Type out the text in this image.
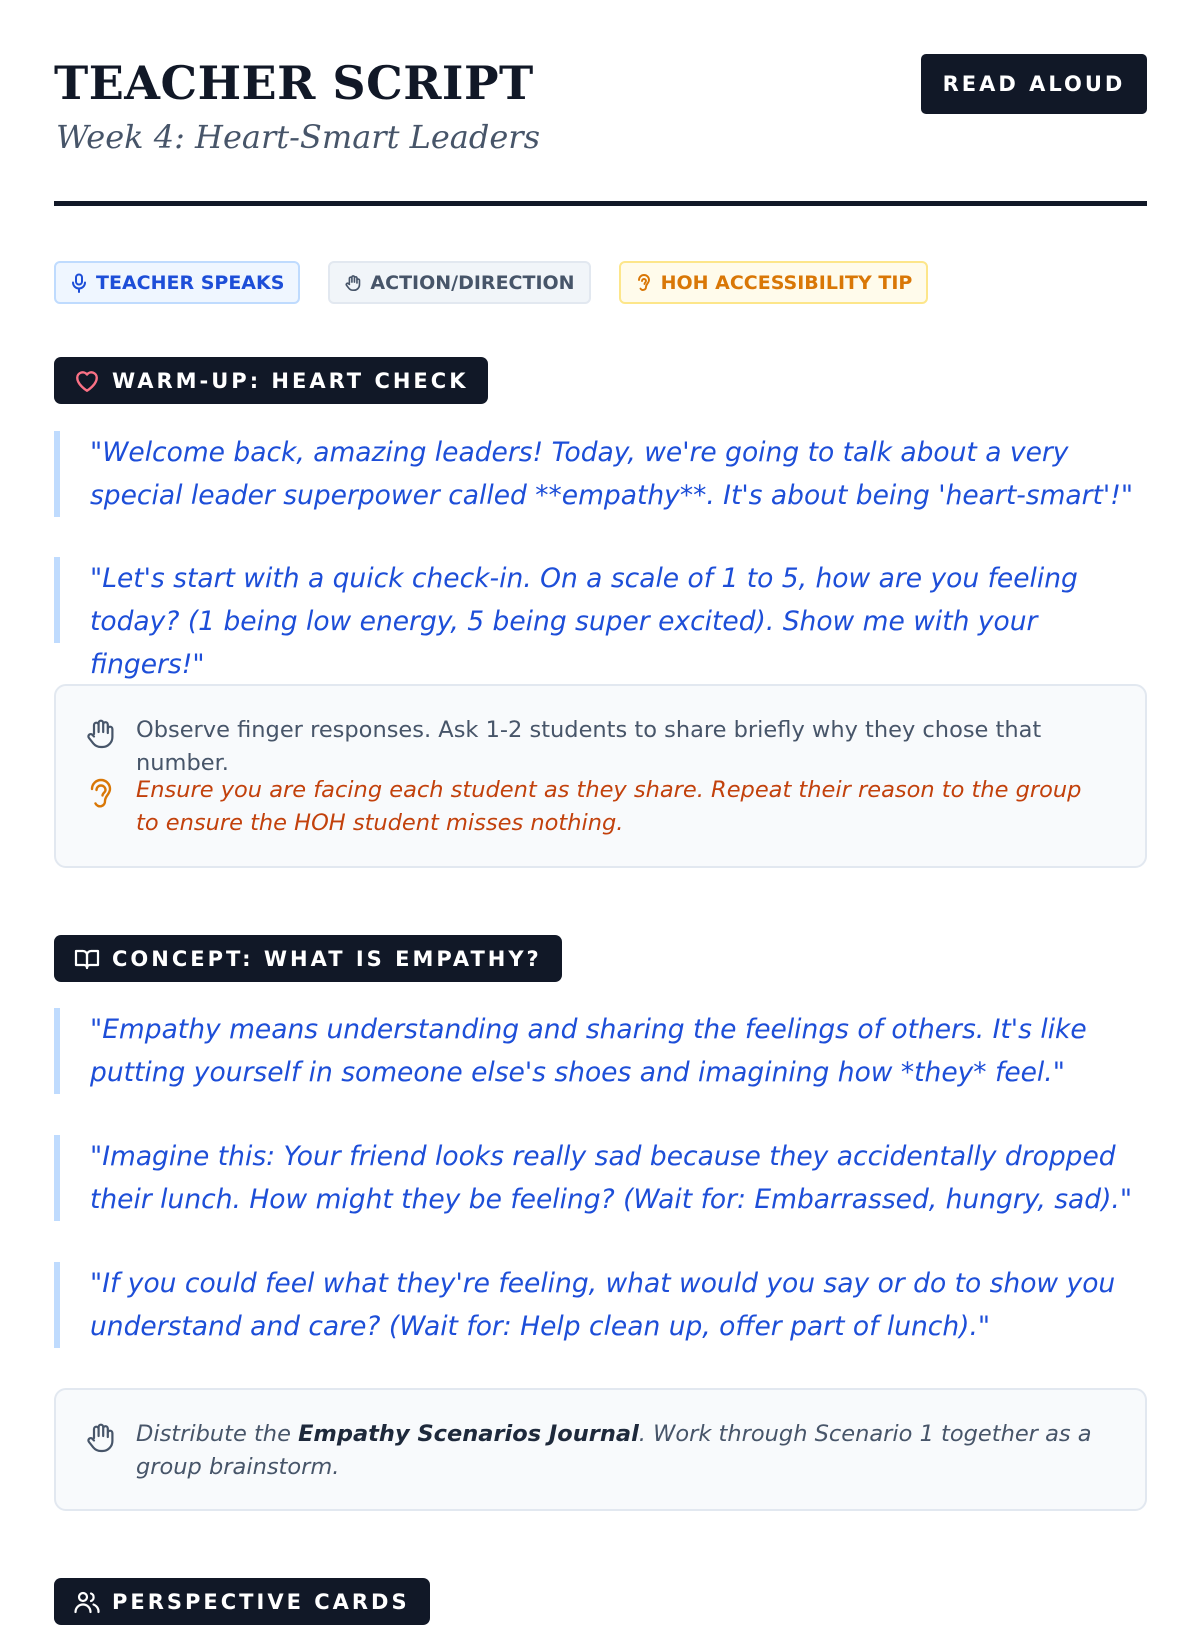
TEACHER SCRIPT
Week 4: Heart-Smart Leaders
READ ALOUD
TEACHER SPEAKS	ACTION/DIRECTION	HOH ACCESSIBILITY TIP
WARM-UP: HEART CHECK
"Welcome back, amazing leaders! Today, we're going to talk about a very special leader superpower called **empathy**. It's about being 'heart-smart'!"
"Let's start with a quick check-in. On a scale of 1 to 5, how are you feeling today? (1 being low energy, 5 being super excited). Show me with your fingers!"
Observe finger responses. Ask 1-2 students to share briefly why they chose that number.
Ensure you are facing each student as they share. Repeat their reason to the group to ensure the HOH student misses nothing.
CONCEPT: WHAT IS EMPATHY?
"Empathy means understanding and sharing the feelings of others. It's like putting yourself in someone else's shoes and imagining how *they* feel."
"Imagine this: Your friend looks really sad because they accidentally dropped their lunch. How might they be feeling? (Wait for: Embarrassed, hungry, sad)."
"If you could feel what they're feeling, what would you say or do to show you understand and care? (Wait for: Help clean up, offer part of lunch)."
Distribute the Empathy Scenarios Journal. Work through Scenario 1 together as a group brainstorm.
PERSPECTIVE CARDS
